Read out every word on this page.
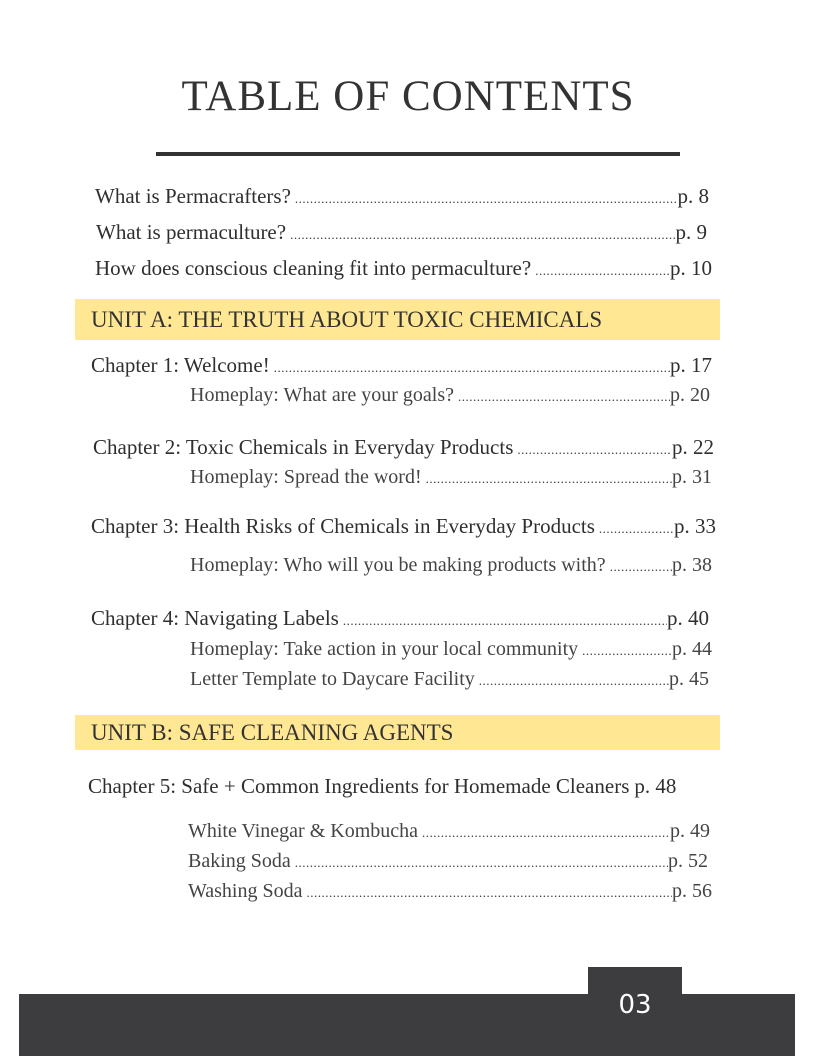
TABLE OF CONTENTS
What is Permacrafters? .....	p. 8
What is permaculture? .....	p. 9
How does conscious cleaning fit into permaculture? .....	p. 10
UNIT A: THE TRUTH ABOUT TOXIC CHEMICALS
Chapter 1: Welcome! .....	p. 17
Homeplay: What are your goals? .....	p. 20
Chapter 2: Toxic Chemicals in Everyday Products .....	p. 22
Homeplay: Spread the word! .....	p. 31
Chapter 3: Health Risks of Chemicals in Everyday Products .....	p. 33
Homeplay: Who will you be making products with? .....	p. 38
Chapter 4: Navigating Labels .....	p. 40
Homeplay: Take action in your local community .....	p. 44
Letter Template to Daycare Facility .....	p. 45
UNIT B: SAFE CLEANING AGENTS
Chapter 5: Safe + Common Ingredients for Homemade Cleaners p. 48
White Vinegar & Kombucha .....	p. 49
Baking Soda .....	p. 52
Washing Soda .....	p. 56
03
